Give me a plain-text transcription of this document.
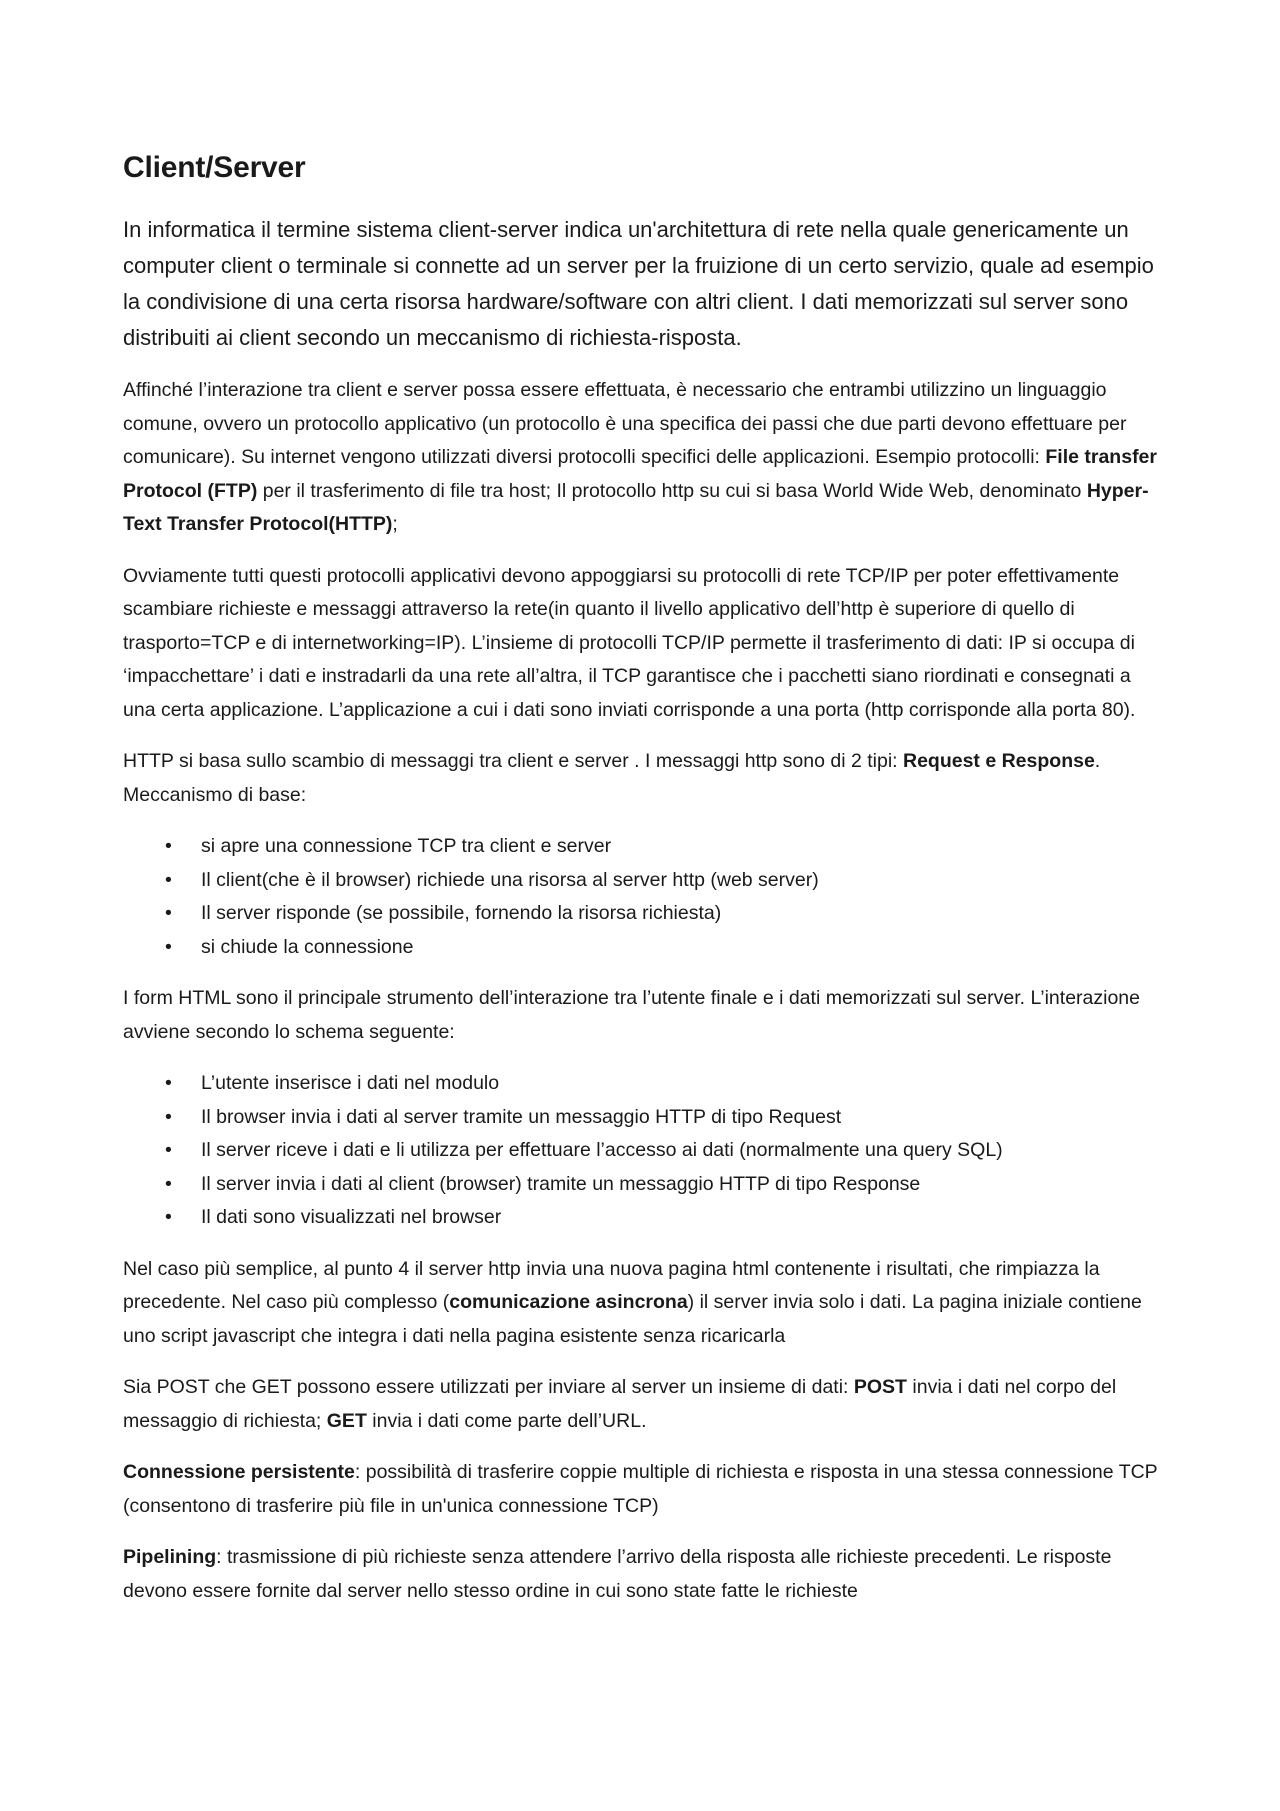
Client/Server

In informatica il termine sistema client-server indica un'architettura di rete nella quale genericamente un computer client o terminale si connette ad un server per la fruizione di un certo servizio, quale ad esempio la condivisione di una certa risorsa hardware/software con altri client. I dati memorizzati sul server sono distribuiti ai client secondo un meccanismo di richiesta-risposta.

Affinché l’interazione tra client e server possa essere effettuata, è necessario che entrambi utilizzino un linguaggio comune, ovvero un protocollo applicativo (un protocollo è una specifica dei passi che due parti devono effettuare per comunicare). Su internet vengono utilizzati diversi protocolli specifici delle applicazioni. Esempio protocolli: File transfer Protocol (FTP) per il trasferimento di file tra host; Il protocollo http su cui si basa World Wide Web, denominato Hyper-Text Transfer Protocol(HTTP);

Ovviamente tutti questi protocolli applicativi devono appoggiarsi su protocolli di rete TCP/IP per poter effettivamente scambiare richieste e messaggi attraverso la rete(in quanto il livello applicativo dell’http è superiore di quello di trasporto=TCP e di internetworking=IP). L’insieme di protocolli TCP/IP permette il trasferimento di dati: IP si occupa di ‘impacchettare’ i dati e instradarli da una rete all’altra, il TCP garantisce che i pacchetti siano riordinati e consegnati a una certa applicazione. L’applicazione a cui i dati sono inviati corrisponde a una porta (http corrisponde alla porta 80).

HTTP si basa sullo scambio di messaggi tra client e server . I messaggi http sono di 2 tipi: Request e Response. Meccanismo di base:

• si apre una connessione TCP tra client e server
• Il client(che è il browser) richiede una risorsa al server http (web server)
• Il server risponde (se possibile, fornendo la risorsa richiesta)
• si chiude la connessione

I form HTML sono il principale strumento dell’interazione tra l’utente finale e i dati memorizzati sul server. L’interazione avviene secondo lo schema seguente:

• L’utente inserisce i dati nel modulo
• Il browser invia i dati al server tramite un messaggio HTTP di tipo Request
• Il server riceve i dati e li utilizza per effettuare l’accesso ai dati (normalmente una query SQL)
• Il server invia i dati al client (browser) tramite un messaggio HTTP di tipo Response
• Il dati sono visualizzati nel browser

Nel caso più semplice, al punto 4 il server http invia una nuova pagina html contenente i risultati, che rimpiazza la precedente. Nel caso più complesso (comunicazione asincrona) il server invia solo i dati. La pagina iniziale contiene uno script javascript che integra i dati nella pagina esistente senza ricaricarla

Sia POST che GET possono essere utilizzati per inviare al server un insieme di dati: POST invia i dati nel corpo del messaggio di richiesta; GET invia i dati come parte dell’URL.

Connessione persistente: possibilità di trasferire coppie multiple di richiesta e risposta in una stessa connessione TCP (consentono di trasferire più file in un'unica connessione TCP)

Pipelining: trasmissione di più richieste senza attendere l’arrivo della risposta alle richieste precedenti. Le risposte devono essere fornite dal server nello stesso ordine in cui sono state fatte le richieste
